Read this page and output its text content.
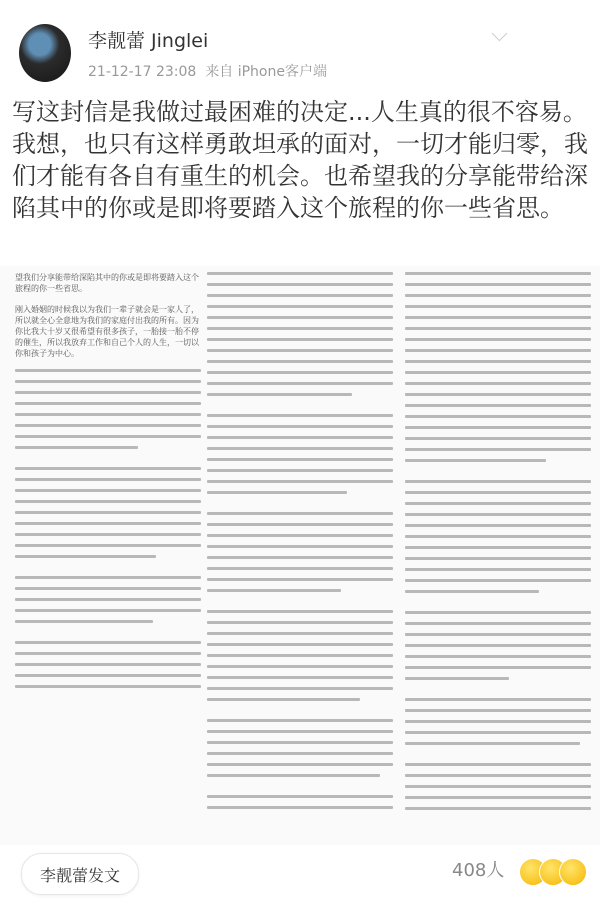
李靓蕾 Jinglei
21-12-17 23:08 来自 iPhone客户端
写这封信是我做过最困难的决定...人生真的很不容易。我想，也只有这样勇敢坦承的面对，一切才能归零，我们才能有各自有重生的机会。也希望我的分享能带给深陷其中的你或是即将要踏入这个旅程的你一些省思。
望我们分享能带给深陷其中的你或是即将要踏入这个旅程的你一些省思。
刚入婚姻的时候我以为我们一辈子就会是一家人了，所以就全心全意地为我们的家庭付出我的所有。因为你比我大十岁又很希望有很多孩子，一胎接一胎不停的催生，所以我放弃工作和自己个人的人生，一切以你和孩子为中心。
李靓蕾发文	408人
